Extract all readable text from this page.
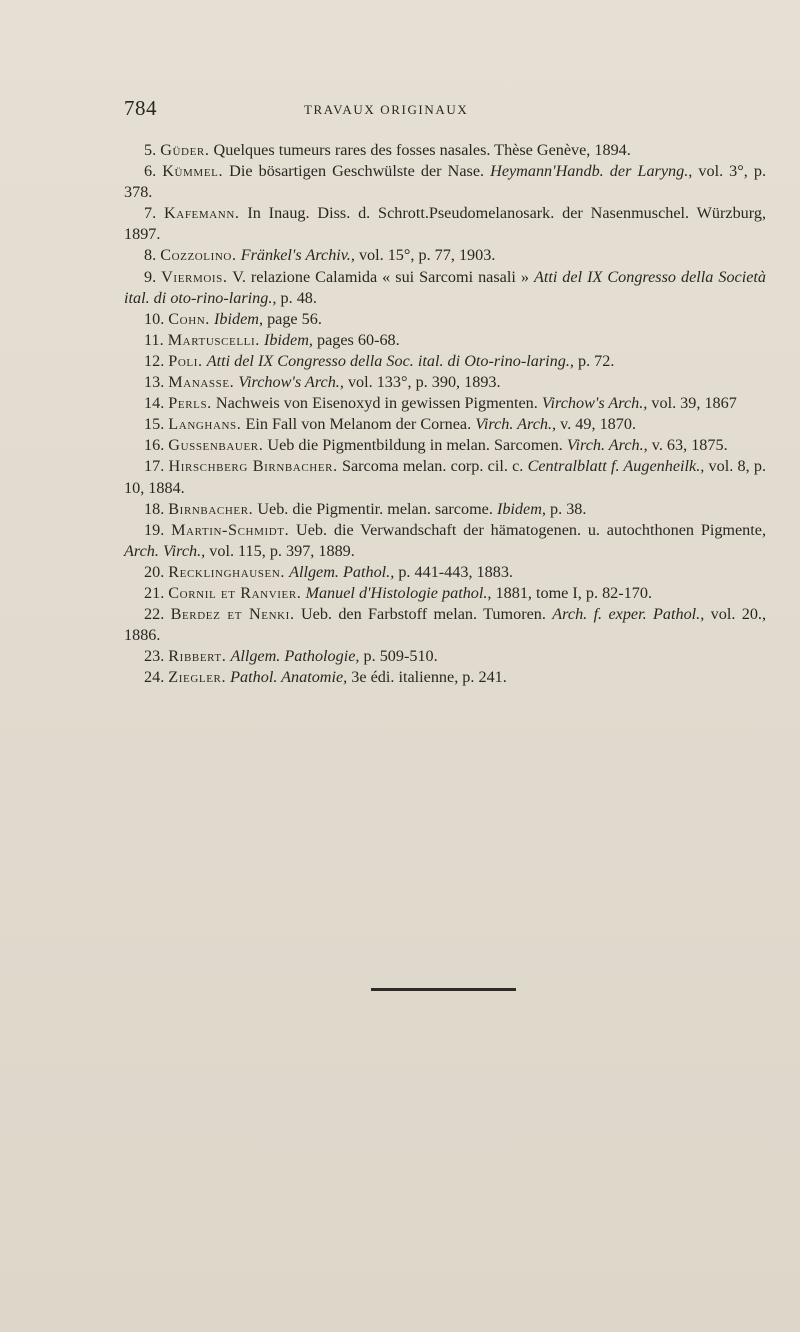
784	TRAVAUX ORIGINAUX
5. Güder. Quelques tumeurs rares des fosses nasales. Thèse Genève, 1894.
6. Kümmel. Die bösartigen Geschwülste der Nase. Heymann'Handb. der Laryng., vol. 3°, p. 378.
7. Kafemann. In Inaug. Diss. d. Schrott.Pseudomelanosark. der Nasenmuschel. Würzburg, 1897.
8. Cozzolino. Fränkel's Archiv., vol. 15°, p. 77, 1903.
9. Viermois. V. relazione Calamida « sui Sarcomi nasali » Atti del IX Congresso della Società ital. di oto-rino-laring., p. 48.
10. Cohn. Ibidem, page 56.
11. Martuscelli. Ibidem, pages 60-68.
12. Poli. Atti del IX Congresso della Soc. ital. di Oto-rino-laring., p. 72.
13. Manasse. Virchow's Arch., vol. 133°, p. 390, 1893.
14. Perls. Nachweis von Eisenoxyd in gewissen Pigmenten. Virchow's Arch., vol. 39, 1867
15. Langhans. Ein Fall von Melanom der Cornea. Virch. Arch., v. 49, 1870.
16. Gussenbauer. Ueb die Pigmentbildung in melan. Sarcomen. Virch. Arch., v. 63, 1875.
17. Hirschberg Birnbacher. Sarcoma melan. corp. cil. c. Centralblatt f. Augenheilk., vol. 8, p. 10, 1884.
18. Birnbacher. Ueb. die Pigmentir. melan. sarcome. Ibidem, p. 38.
19. Martin-Schmidt. Ueb. die Verwandschaft der hämatogenen. u. autochthonen Pigmente, Arch. Virch., vol. 115, p. 397, 1889.
20. Recklinghausen. Allgem. Pathol., p. 441-443, 1883.
21. Cornil et Ranvier. Manuel d'Histologie pathol., 1881, tome I, p. 82-170.
22. Berdez et Nenki. Ueb. den Farbstoff melan. Tumoren. Arch. f. exper. Pathol., vol. 20., 1886.
23. Ribbert. Allgem. Pathologie, p. 509-510.
24. Ziegler. Pathol. Anatomie, 3e édi. italienne, p. 241.
